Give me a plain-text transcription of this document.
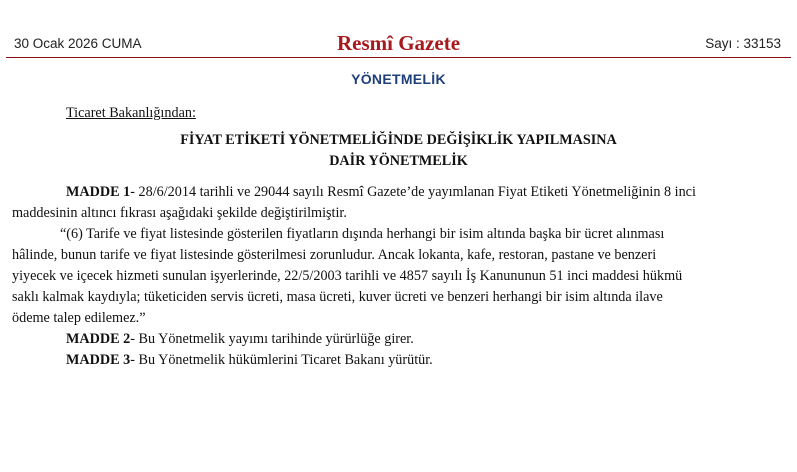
30 Ocak 2026 CUMA	Resmî Gazete	Sayı : 33153
YÖNETMELİK
Ticaret Bakanlığından:
FİYAT ETİKETİ YÖNETMELİĞİNDE DEĞİŞİKLİK YAPILMASINA
DAİR YÖNETMELİK
MADDE 1- 28/6/2014 tarihli ve 29044 sayılı Resmî Gazete’de yayımlanan Fiyat Etiketi Yönetmeliğinin 8 inci
maddesinin altıncı fıkrası aşağıdaki şekilde değiştirilmiştir.
“(6) Tarife ve fiyat listesinde gösterilen fiyatların dışında herhangi bir isim altında başka bir ücret alınması
hâlinde, bunun tarife ve fiyat listesinde gösterilmesi zorunludur. Ancak lokanta, kafe, restoran, pastane ve benzeri
yiyecek ve içecek hizmeti sunulan işyerlerinde, 22/5/2003 tarihli ve 4857 sayılı İş Kanununun 51 inci maddesi hükmü
saklı kalmak kaydıyla; tüketiciden servis ücreti, masa ücreti, kuver ücreti ve benzeri herhangi bir isim altında ilave
ödeme talep edilemez.”
MADDE 2- Bu Yönetmelik yayımı tarihinde yürürlüğe girer.
MADDE 3- Bu Yönetmelik hükümlerini Ticaret Bakanı yürütür.
